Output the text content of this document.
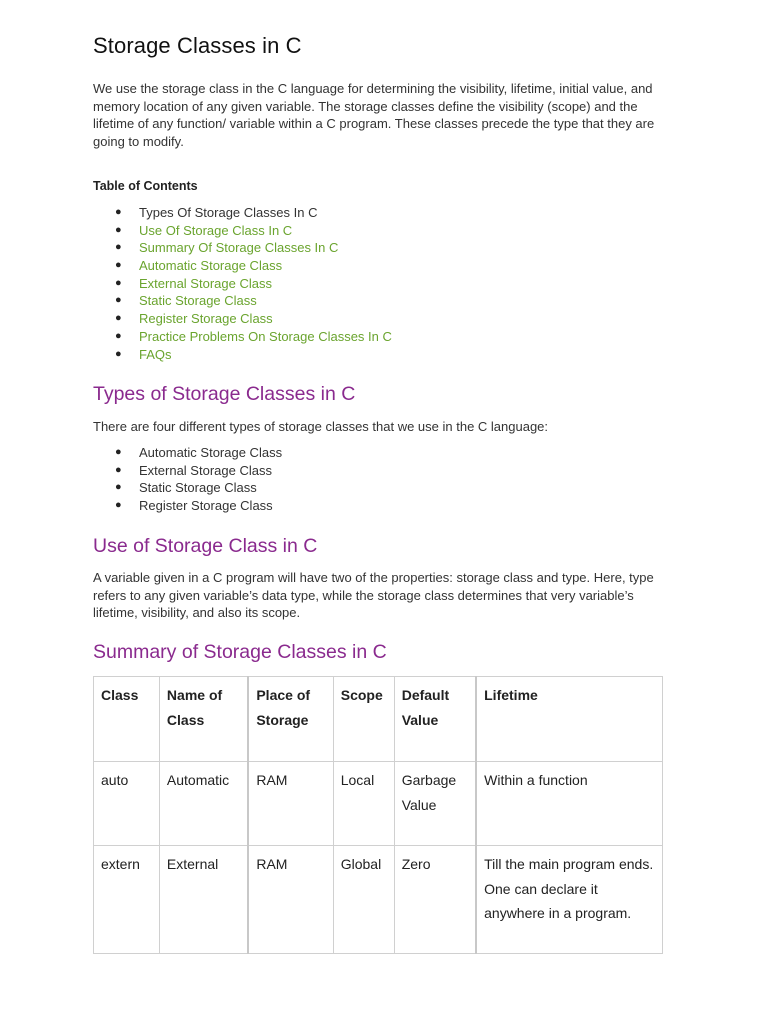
Storage Classes in C

We use the storage class in the C language for determining the visibility, lifetime, initial value, and memory location of any given variable. The storage classes define the visibility (scope) and the lifetime of any function/ variable within a C program. These classes precede the type that they are going to modify.

Table of Contents

● Types Of Storage Classes In C
● Use Of Storage Class In C
● Summary Of Storage Classes In C
● Automatic Storage Class
● External Storage Class
● Static Storage Class
● Register Storage Class
● Practice Problems On Storage Classes In C
● FAQs
Types of Storage Classes in C

There are four different types of storage classes that we use in the C language:

● Automatic Storage Class
● External Storage Class
● Static Storage Class
● Register Storage Class
Use of Storage Class in C

A variable given in a C program will have two of the properties: storage class and type. Here, type refers to any given variable’s data type, while the storage class determines that very variable’s lifetime, visibility, and also its scope.

Summary of Storage Classes in C
Class	Name of Class	Place of Storage	Scope	Default Value	Lifetime
auto	Automatic	RAM	Local	Garbage Value	Within a function
extern	External	RAM	Global	Zero	Till the main program ends. One can declare it anywhere in a program.
